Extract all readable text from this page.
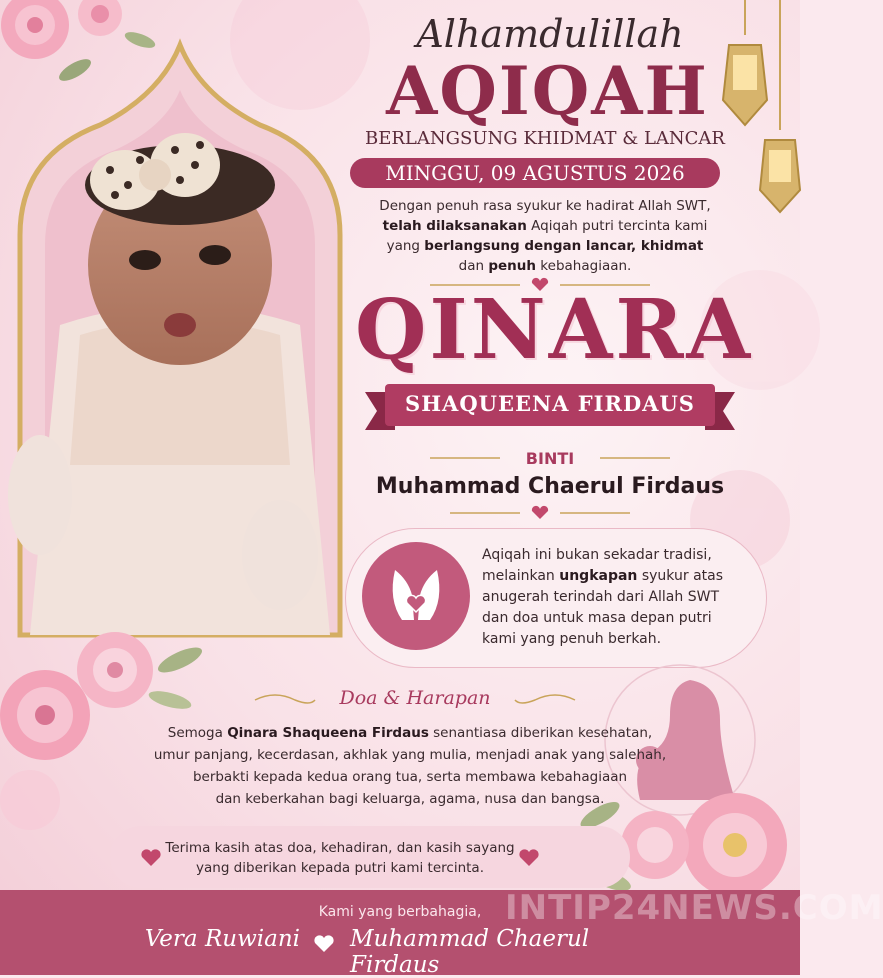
Alhamdulillah
AQIQAH
BERLANGSUNG KHIDMAT & LANCAR
MINGGU, 09 AGUSTUS 2026

Dengan penuh rasa syukur ke hadirat Allah SWT,

telah dilaksanakan Aqiqah putri tercinta kami

yang berlangsung dengan lancar, khidmat

dan penuh kebahagiaan.

QINARA
SHAQUEENA FIRDAUS
BINTI
Muhammad Chaerul Firdaus

Aqiqah ini bukan sekadar tradisi,

melainkan ungkapan syukur atas

anugerah terindah dari Allah SWT

dan doa untuk masa depan putri

kami yang penuh berkah.

Doa & Harapan

Semoga Qinara Shaqueena Firdaus senantiasa diberikan kesehatan,

umur panjang, kecerdasan, akhlak yang mulia, menjadi anak yang salehah,

berbakti kepada kedua orang tua, serta membawa kebahagiaan

dan keberkahan bagi keluarga, agama, nusa dan bangsa.

Terima kasih atas doa, kehadiran, dan kasih sayang

yang diberikan kepada putri kami tercinta.

Kami yang berbahagia,
Vera Ruwiani Muhammad Chaerul Firdaus
INTIP24NEWS.COM
